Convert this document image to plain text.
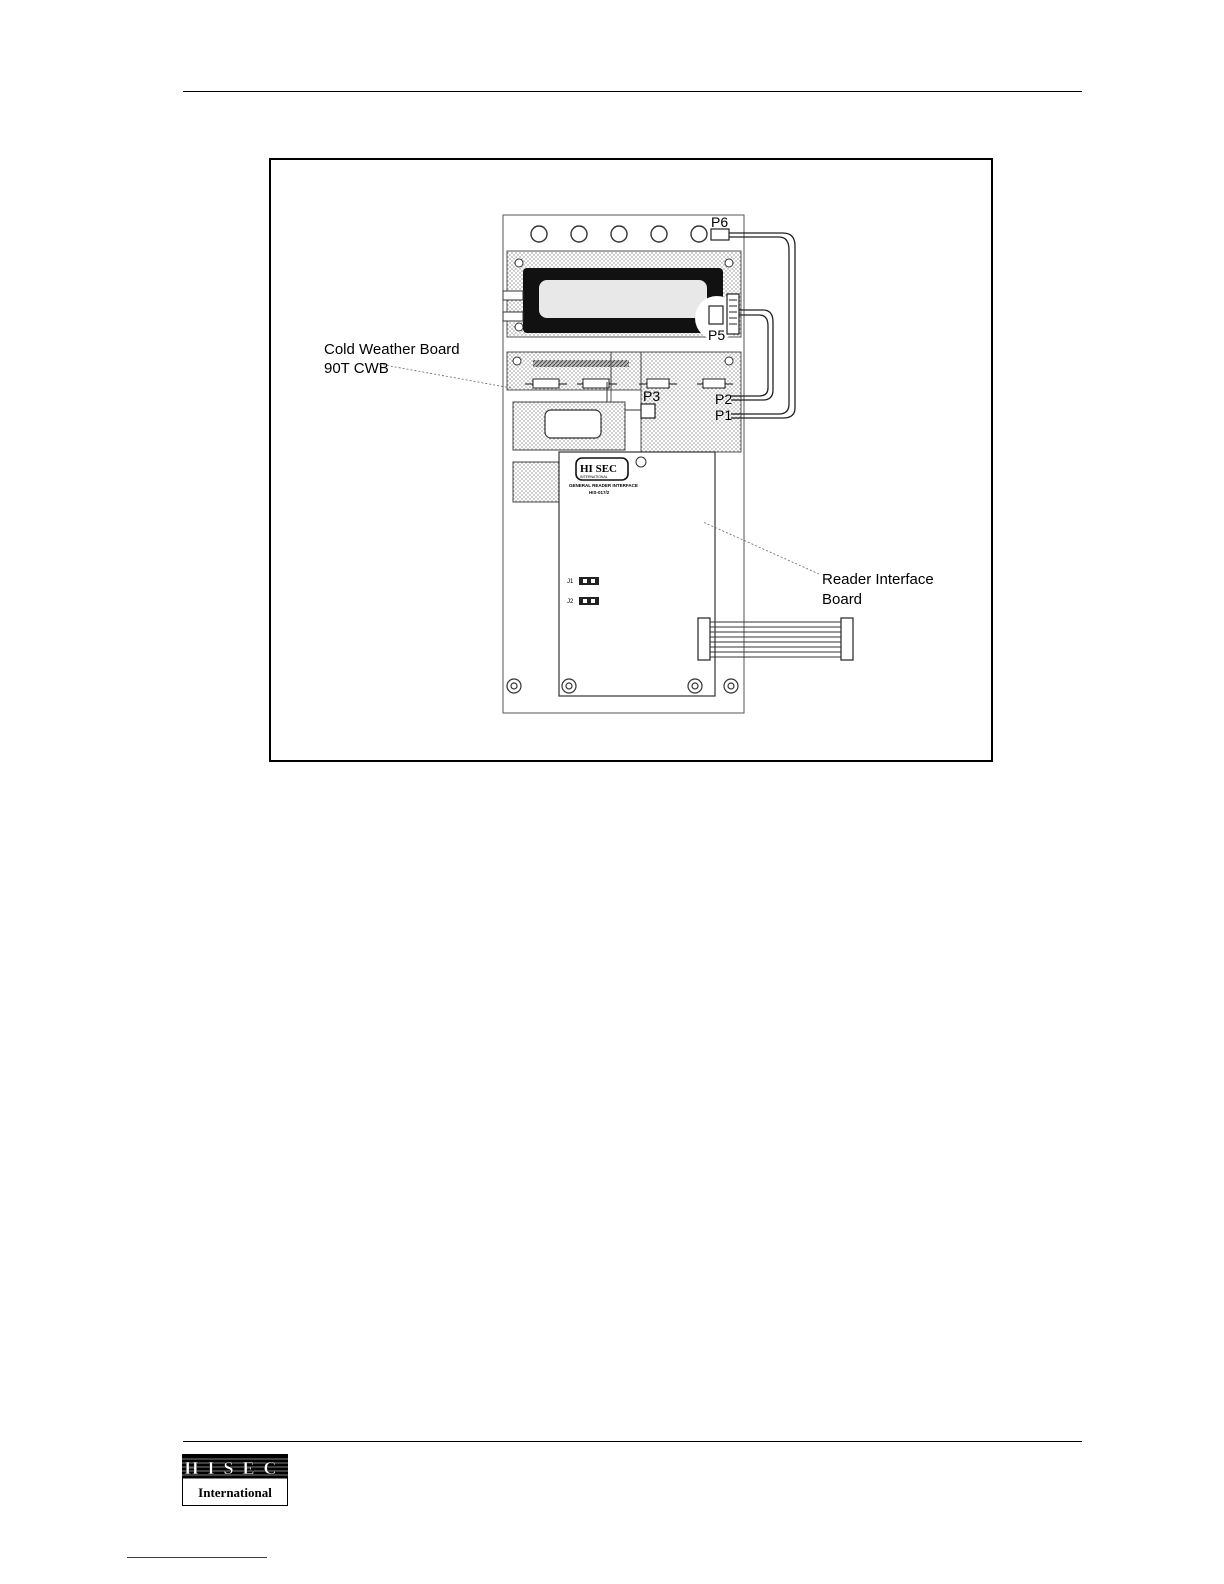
P6
P5
P3
HI SEC
INTERNATIONAL
GENERAL READER INTERFACE
HIS-017/2
J1
J2
P2
P1
Cold Weather Board
90T CWB
Reader Interface
Board
HISEC
International
